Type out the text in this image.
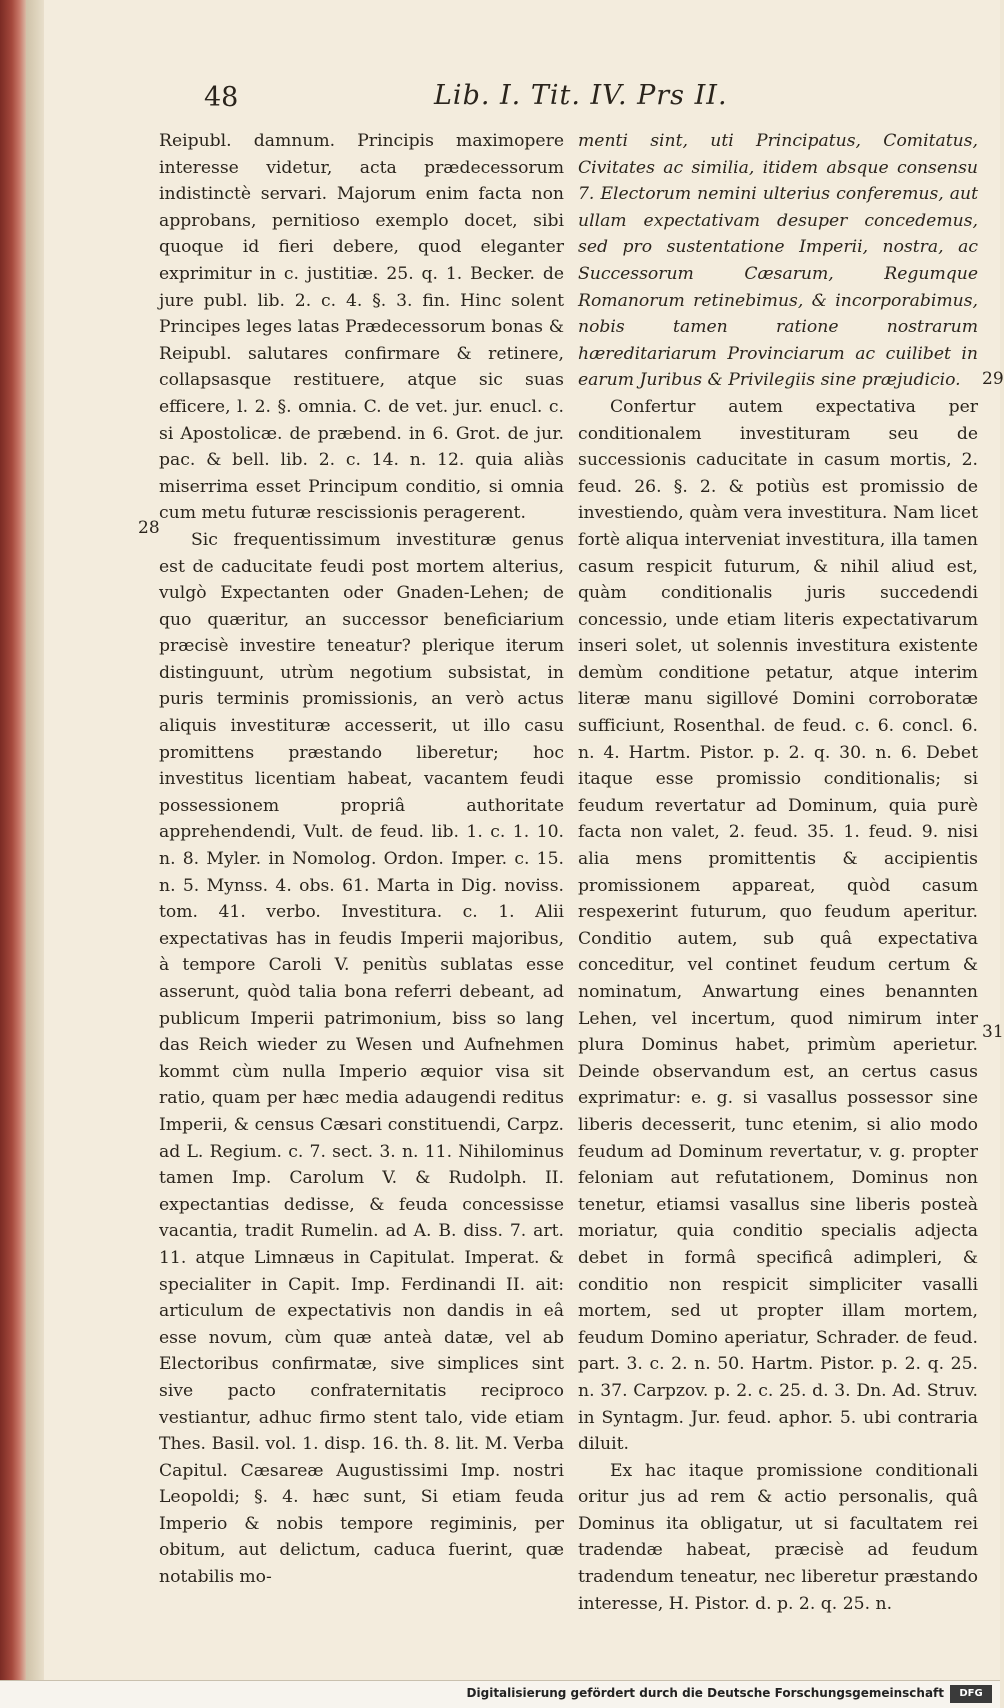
48	Lib. I. Tit. IV. Prs II.

Reipubl. damnum. Principis maximopere interesse videtur, acta prædecessorum indistinctè servari. Majorum enim facta non approbans, pernitioso exemplo docet, sibi quoque id fieri debere, quod eleganter exprimitur in c. justitiæ. 25. q. 1. Becker. de jure publ. lib. 2. c. 4. §. 3. fin. Hinc solent Principes leges latas Prædecessorum bonas & Reipubl. salutares confirmare & retinere, collapsasque restituere, atque sic suas efficere, l. 2. §. omnia. C. de vet. jur. enucl. c. si Apostolicæ. de præbend. in 6. Grot. de jur. pac. & bell. lib. 2. c. 14. n. 12. quia aliàs miserrima esset Principum conditio, si omnia cum metu futuræ rescissionis peragerent.

Sic frequentissimum investituræ genus est de caducitate feudi post mortem alterius, vulgò Expectanten oder Gnaden-Lehen; de quo quæritur, an successor beneficiarium præcisè investire teneatur? plerique iterum distinguunt, utrùm negotium subsistat, in puris terminis promissionis, an verò actus aliquis investituræ accesserit, ut illo casu promittens præstando liberetur; hoc investitus licentiam habeat, vacantem feudi possessionem propriâ authoritate apprehendendi, Vult. de feud. lib. 1. c. 1. 10. n. 8. Myler. in Nomolog. Ordon. Imper. c. 15. n. 5. Mynss. 4. obs. 61. Marta in Dig. noviss. tom. 41. verbo. Investitura. c. 1. Alii expectativas has in feudis Imperii majoribus, à tempore Caroli V. penitùs sublatas esse asserunt, quòd talia bona referri debeant, ad publicum Imperii patrimonium, biss so lang das Reich wieder zu Wesen und Aufnehmen kommt cùm nulla Imperio æquior visa sit ratio, quam per hæc media adaugendi reditus Imperii, & census Cæsari constituendi, Carpz. ad L. Regium. c. 7. sect. 3. n. 11. Nihilominus tamen Imp. Carolum V. & Rudolph. II. expectantias dedisse, & feuda concessisse vacantia, tradit Rumelin. ad A. B. diss. 7. art. 11. atque Limnæus in Capitulat. Imperat. & specialiter in Capit. Imp. Ferdinandi II. ait: articulum de expectativis non dandis in eâ esse novum, cùm quæ anteà datæ, vel ab Electoribus confirmatæ, sive simplices sint sive pacto confraternitatis reciproco vestiantur, adhuc firmo stent talo, vide etiam Thes. Basil. vol. 1. disp. 16. th. 8. lit. M. Verba Capitul. Cæsareæ Augustissimi Imp. nostri Leopoldi; §. 4. hæc sunt, Si etiam feuda Imperio & nobis tempore regiminis, per obitum, aut delictum, caduca fuerint, quæ notabilis mo-

menti sint, uti Principatus, Comitatus, Civitates ac similia, itidem absque consensu 7. Electorum nemini ulterius conferemus, aut ullam expectativam desuper concedemus, sed pro sustentatione Imperii, nostra, ac Successorum Cæsarum, Regumque Romanorum retinebimus, & incorporabimus, nobis tamen ratione nostrarum hæreditariarum Provinciarum ac cuilibet in earum Juribus & Privilegiis sine præjudicio.

Confertur autem expectativa per conditionalem investituram seu de successionis caducitate in casum mortis, 2. feud. 26. §. 2. & potiùs est promissio de investiendo, quàm vera investitura. Nam licet fortè aliqua interveniat investitura, illa tamen casum respicit futurum, & nihil aliud est, quàm conditionalis juris succedendi concessio, unde etiam literis expectativarum inseri solet, ut solennis investitura existente demùm conditione petatur, atque interim literæ manu sigillové Domini corroboratæ sufficiunt, Rosenthal. de feud. c. 6. concl. 6. n. 4. Hartm. Pistor. p. 2. q. 30. n. 6. Debet itaque esse promissio conditionalis; si feudum revertatur ad Dominum, quia purè facta non valet, 2. feud. 35. 1. feud. 9. nisi alia mens promittentis & accipientis promissionem appareat, quòd casum respexerint futurum, quo feudum aperitur. Conditio autem, sub quâ expectativa conceditur, vel continet feudum certum & nominatum, Anwartung eines benannten Lehen, vel incertum, quod nimirum inter plura Dominus habet, primùm aperietur. Deinde observandum est, an certus casus exprimatur: e. g. si vasallus possessor sine liberis decesserit, tunc etenim, si alio modo feudum ad Dominum revertatur, v. g. propter feloniam aut refutationem, Dominus non tenetur, etiamsi vasallus sine liberis posteà moriatur, quia conditio specialis adjecta debet in formâ specificâ adimpleri, & conditio non respicit simpliciter vasalli mortem, sed ut propter illam mortem, feudum Domino aperiatur, Schrader. de feud. part. 3. c. 2. n. 50. Hartm. Pistor. p. 2. q. 25. n. 37. Carpzov. p. 2. c. 25. d. 3. Dn. Ad. Struv. in Syntagm. Jur. feud. aphor. 5. ubi contraria diluit.

Ex hac itaque promissione conditionali oritur jus ad rem & actio personalis, quâ Dominus ita obligatur, ut si facultatem rei tradendæ habeat, præcisè ad feudum tradendum teneatur, nec liberetur præstando interesse, H. Pistor. d. p. 2. q. 25. n.

28
29
31
Digitalisierung gefördert durch die Deutsche Forschungsgemeinschaft	DFG
